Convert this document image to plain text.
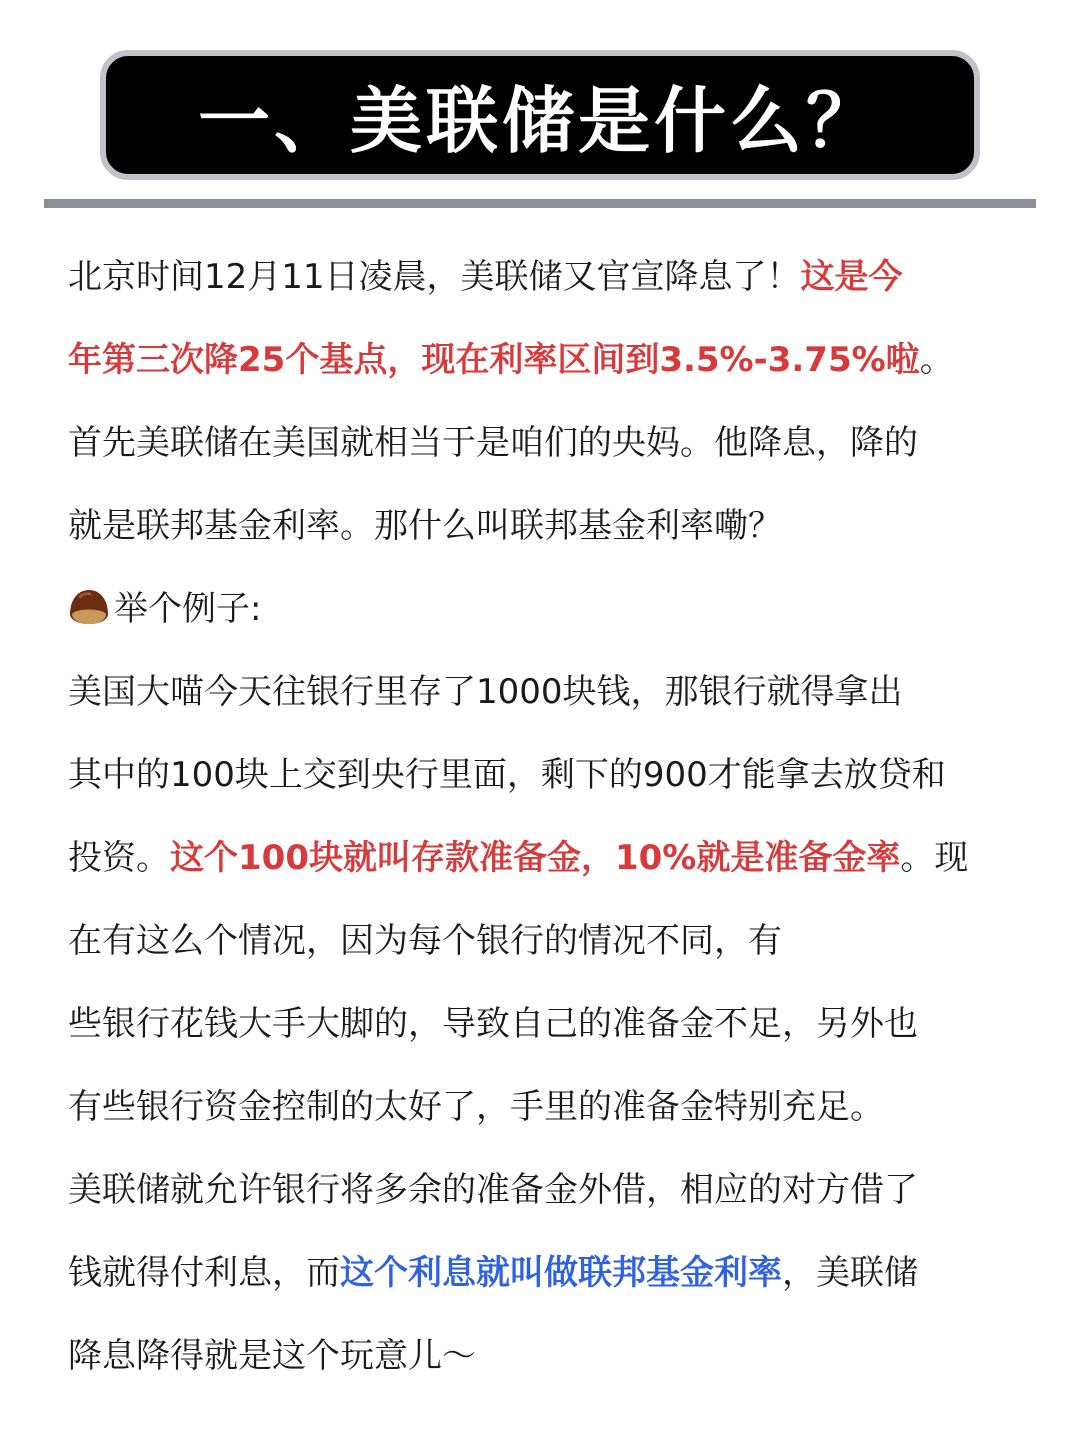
一、美联储是什么？
北京时间12月11日凌晨，美联储又官宣降息了！这是今
年第三次降25个基点，现在利率区间到3.5%-3.75%啦。
首先美联储在美国就相当于是咱们的央妈。他降息，降的
就是联邦基金利率。那什么叫联邦基金利率嘞？
举个例子:
美国大喵今天往银行里存了1000块钱，那银行就得拿出
其中的100块上交到央行里面，剩下的900才能拿去放贷和
投资。这个100块就叫存款准备金，10%就是准备金率。现
在有这么个情况，因为每个银行的情况不同，有
些银行花钱大手大脚的，导致自己的准备金不足，另外也
有些银行资金控制的太好了，手里的准备金特别充足。
美联储就允许银行将多余的准备金外借，相应的对方借了
钱就得付利息，而这个利息就叫做联邦基金利率，美联储
降息降得就是这个玩意儿～
